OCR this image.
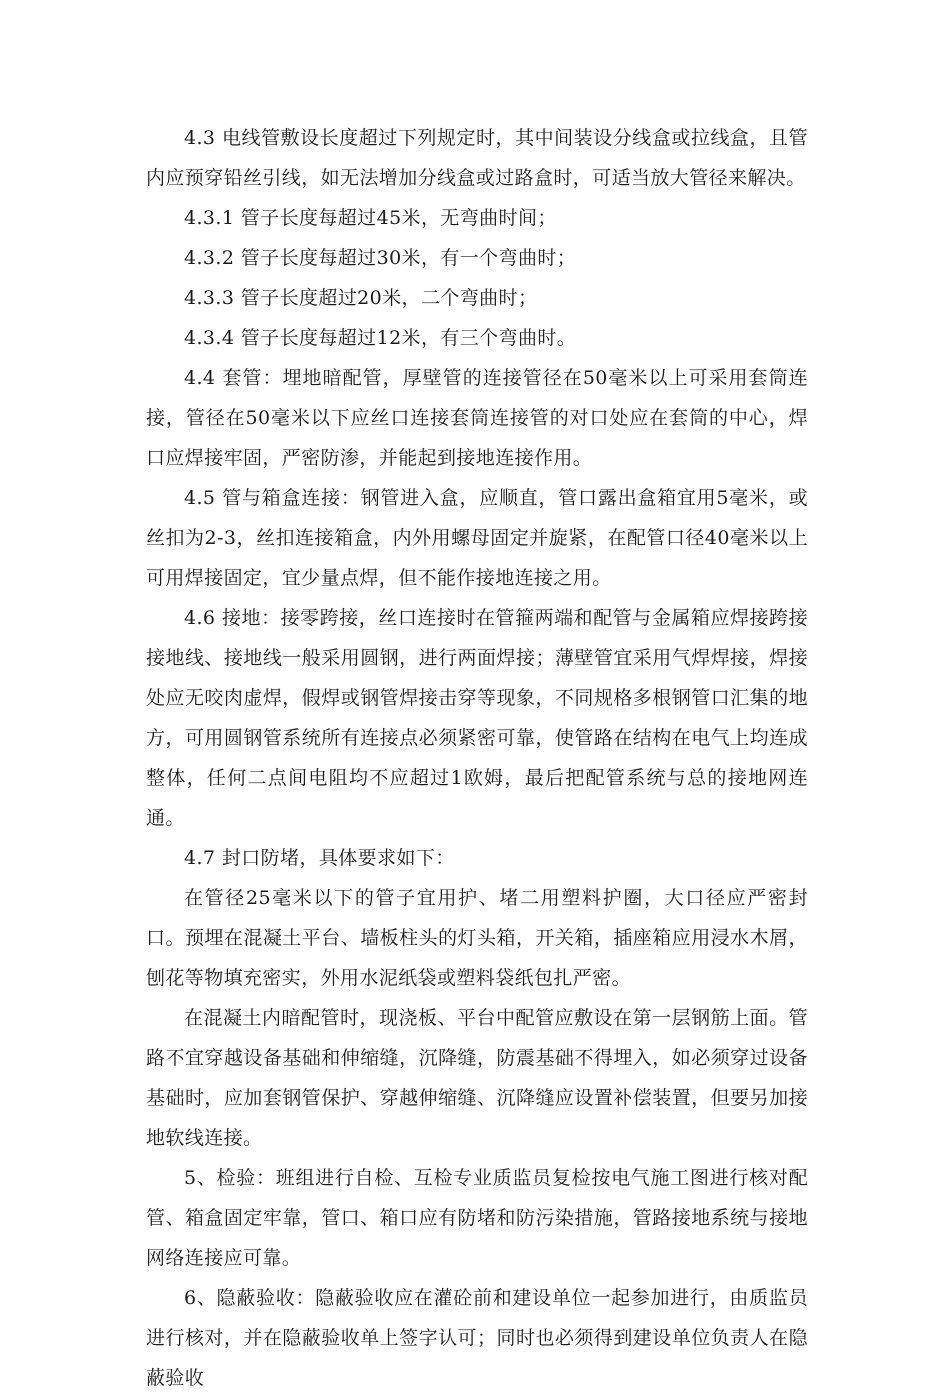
4.3 电线管敷设长度超过下列规定时，其中间装设分线盒或拉线盒，且管内应预穿铅丝引线，如无法增加分线盒或过路盒时，可适当放大管径来解决。

4.3.1 管子长度每超过45米，无弯曲时间；

4.3.2 管子长度每超过30米，有一个弯曲时；

4.3.3 管子长度超过20米，二个弯曲时；

4.3.4 管子长度每超过12米，有三个弯曲时。

4.4 套管：埋地暗配管，厚壁管的连接管径在50毫米以上可采用套筒连接，管径在50毫米以下应丝口连接套筒连接管的对口处应在套筒的中心，焊口应焊接牢固，严密防渗，并能起到接地连接作用。

4.5 管与箱盒连接：钢管进入盒，应顺直，管口露出盒箱宜用5毫米，或丝扣为2-3，丝扣连接箱盒，内外用螺母固定并旋紧，在配管口径40毫米以上可用焊接固定，宜少量点焊，但不能作接地连接之用。

4.6 接地：接零跨接，丝口连接时在管箍两端和配管与金属箱应焊接跨接接地线、接地线一般采用圆钢，进行两面焊接；薄壁管宜采用气焊焊接，焊接处应无咬肉虚焊，假焊或钢管焊接击穿等现象，不同规格多根钢管口汇集的地方，可用圆钢管系统所有连接点必须紧密可靠，使管路在结构在电气上均连成整体，任何二点间电阻均不应超过1欧姆，最后把配管系统与总的接地网连通。

4.7 封口防堵，具体要求如下：

在管径25毫米以下的管子宜用护、堵二用塑料护圈，大口径应严密封口。预埋在混凝土平台、墙板柱头的灯头箱，开关箱，插座箱应用浸水木屑，刨花等物填充密实，外用水泥纸袋或塑料袋纸包扎严密。

在混凝土内暗配管时，现浇板、平台中配管应敷设在第一层钢筋上面。管路不宜穿越设备基础和伸缩缝，沉降缝，防震基础不得埋入，如必须穿过设备基础时，应加套钢管保护、穿越伸缩缝、沉降缝应设置补偿装置，但要另加接地软线连接。

5、检验：班组进行自检、互检专业质监员复检按电气施工图进行核对配管、箱盒固定牢靠，管口、箱口应有防堵和防污染措施，管路接地系统与接地网络连接应可靠。

6、隐蔽验收：隐蔽验收应在灌砼前和建设单位一起参加进行，由质监员进行核对，并在隐蔽验收单上签字认可；同时也必须得到建设单位负责人在隐蔽验收
